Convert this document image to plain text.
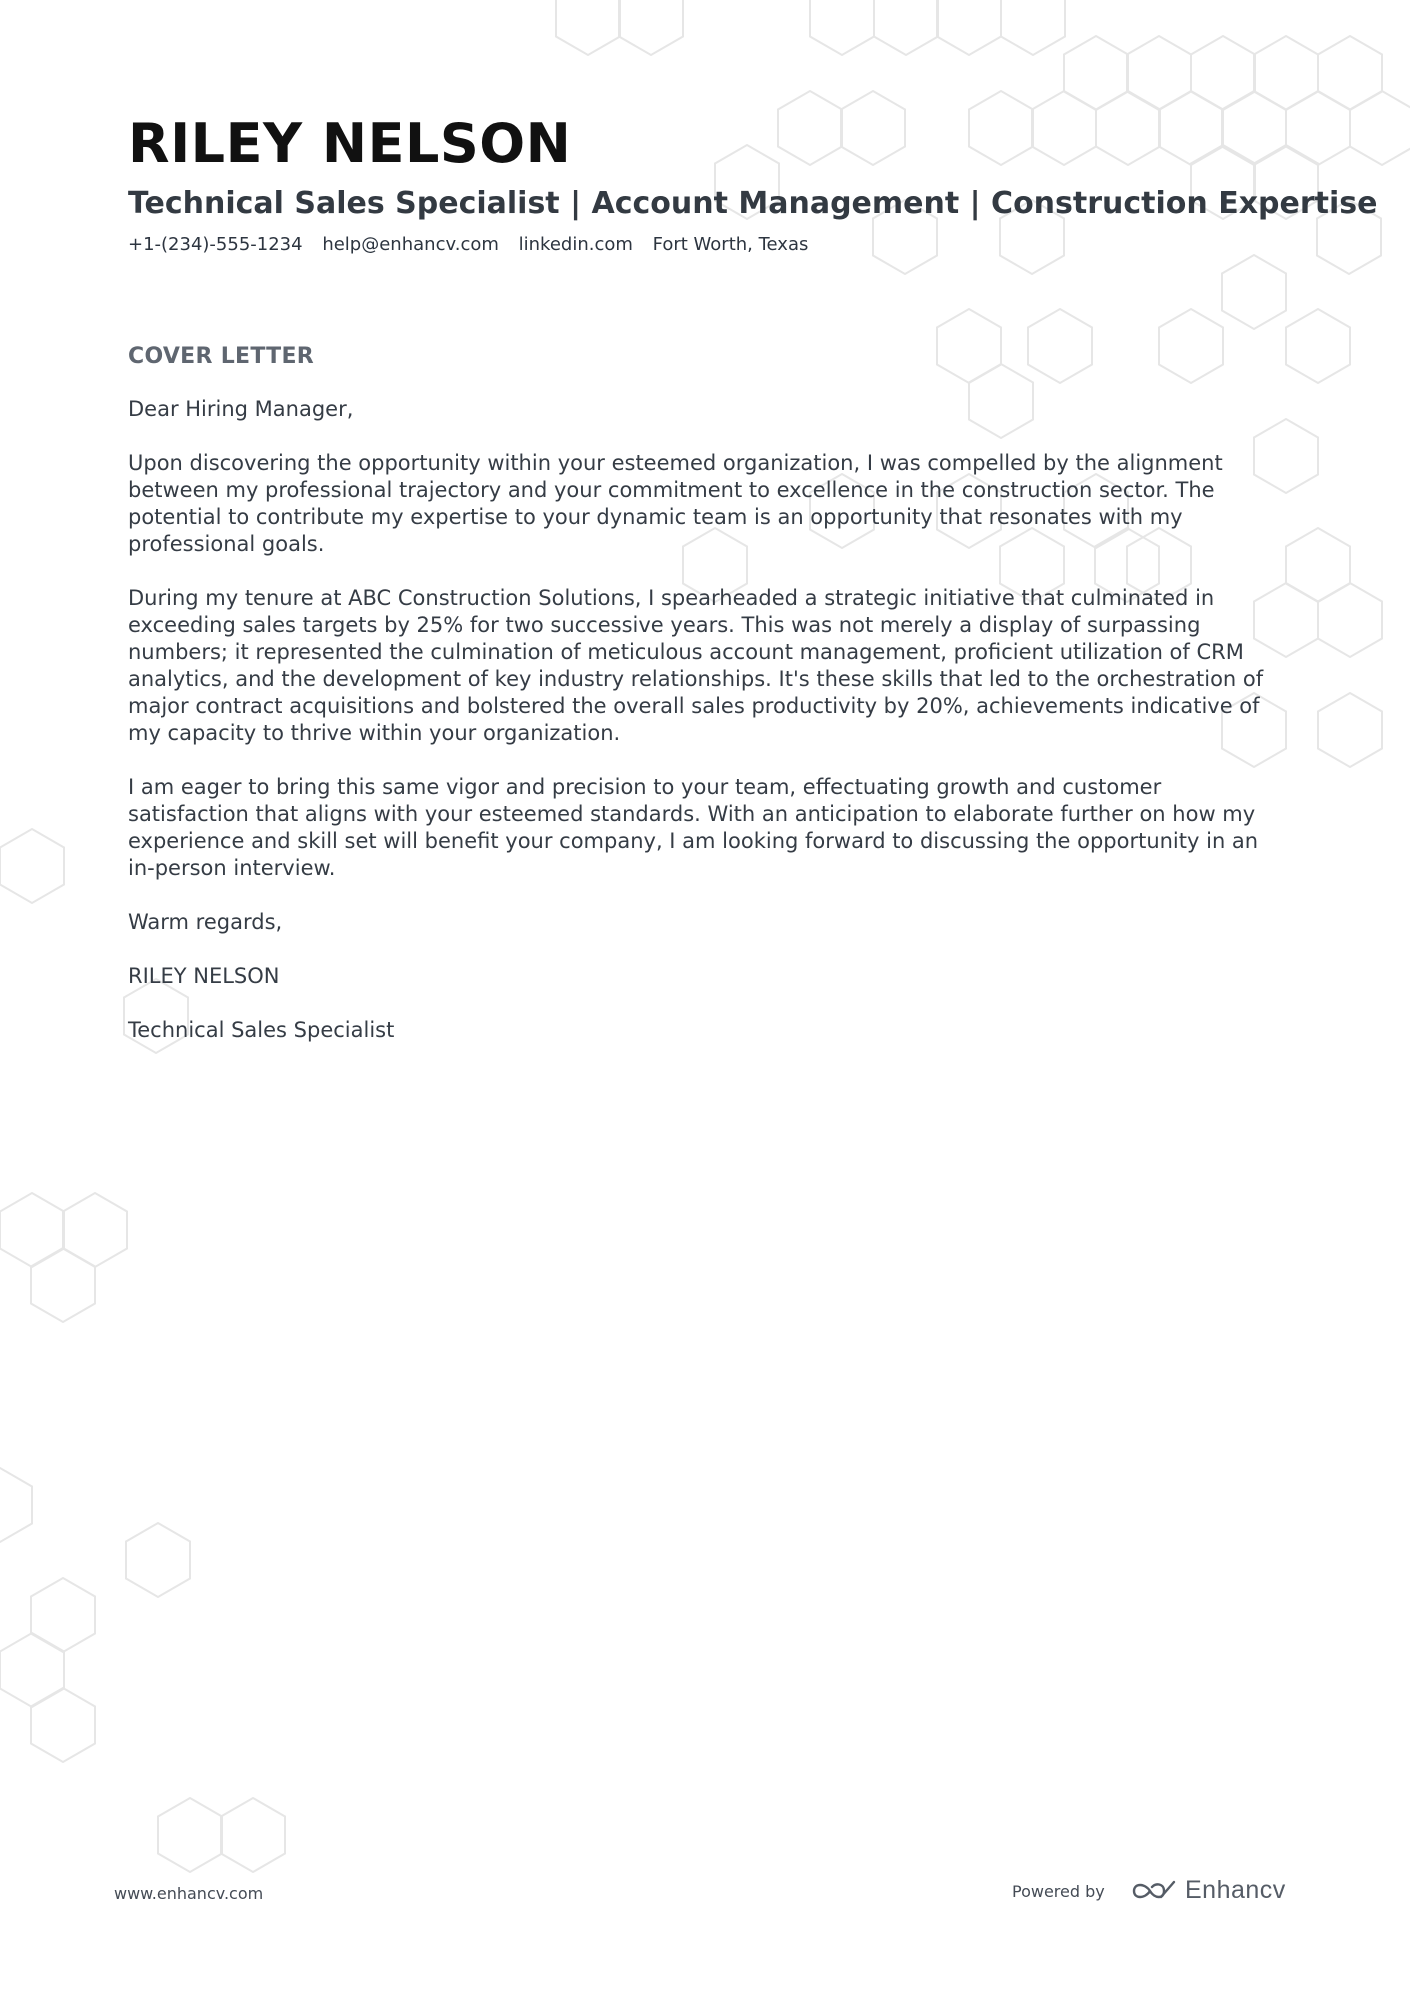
RILEY NELSON
Technical Sales Specialist | Account Management | Construction Expertise
+1-(234)-555-1234 help@enhancv.com linkedin.com Fort Worth, Texas
COVER LETTER

Dear Hiring Manager,

Upon discovering the opportunity within your esteemed organization, I was compelled by the alignment between my professional trajectory and your commitment to excellence in the construction sector. The potential to contribute my expertise to your dynamic team is an opportunity that resonates with my professional goals.

During my tenure at ABC Construction Solutions, I spearheaded a strategic initiative that culminated in exceeding sales targets by 25% for two successive years. This was not merely a display of surpassing numbers; it represented the culmination of meticulous account management, proficient utilization of CRM analytics, and the development of key industry relationships. It's these skills that led to the orchestration of major contract acquisitions and bolstered the overall sales productivity by 20%, achievements indicative of my capacity to thrive within your organization.

I am eager to bring this same vigor and precision to your team, effectuating growth and customer satisfaction that aligns with your esteemed standards. With an anticipation to elaborate further on how my experience and skill set will benefit your company, I am looking forward to discussing the opportunity in an in-person interview.

Warm regards,

RILEY NELSON

Technical Sales Specialist

www.enhancv.com	Powered by	Enhancv
